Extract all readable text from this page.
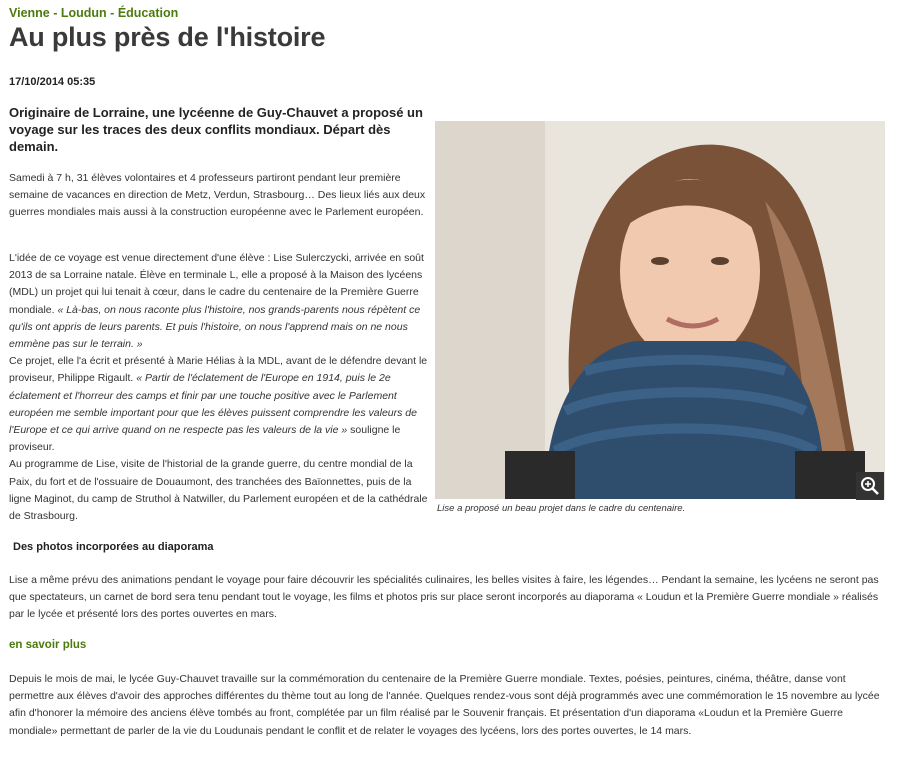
Vienne - Loudun - Éducation
Au plus près de l'histoire
17/10/2014 05:35
Originaire de Lorraine, une lycéenne de Guy-Chauvet a proposé un voyage sur les traces des deux conflits mondiaux. Départ dès demain.
Samedi à 7 h, 31 élèves volontaires et 4 professeurs partiront pendant leur première semaine de vacances en direction de Metz, Verdun, Strasbourg… Des lieux liés aux deux guerres mondiales mais aussi à la construction européenne avec le Parlement européen.
L'idée de ce voyage est venue directement d'une élève : Lise Sulerczycki, arrivée en soût 2013 de sa Lorraine natale. Élève en terminale L, elle a proposé à la Maison des lycéens (MDL) un projet qui lui tenait à cœur, dans le cadre du centenaire de la Première Guerre mondiale. « Là-bas, on nous raconte plus l'histoire, nos grands-parents nous répètent ce qu'ils ont appris de leurs parents. Et puis l'histoire, on nous l'apprend mais on ne nous emmène pas sur le terrain. »
Ce projet, elle l'a écrit et présenté à Marie Hélias à la MDL, avant de le défendre devant le proviseur, Philippe Rigault. « Partir de l'éclatement de l'Europe en 1914, puis le 2e éclatement et l'horreur des camps et finir par une touche positive avec le Parlement européen me semble important pour que les élèves puissent comprendre les valeurs de l'Europe et ce qui arrive quand on ne respecte pas les valeurs de la vie » souligne le proviseur.
Au programme de Lise, visite de l'historial de la grande guerre, du centre mondial de la Paix, du fort et de l'ossuaire de Douaumont, des tranchées des Baïonnettes, puis de la ligne Maginot, du camp de Struthol à Natwiller, du Parlement européen et de la cathédrale de Strasbourg.
Lise a proposé un beau projet dans le cadre du centenaire.
Des photos incorporées au diaporama
Lise a même prévu des animations pendant le voyage pour faire découvrir les spécialités culinaires, les belles visites à faire, les légendes… Pendant la semaine, les lycéens ne seront pas que spectateurs, un carnet de bord sera tenu pendant tout le voyage, les films et photos pris sur place seront incorporés au diaporama « Loudun et la Première Guerre mondiale » réalisés par le lycée et présenté lors des portes ouvertes en mars.
en savoir plus
Depuis le mois de mai, le lycée Guy-Chauvet travaille sur la commémoration du centenaire de la Première Guerre mondiale. Textes, poésies, peintures, cinéma, théâtre, danse vont permettre aux élèves d'avoir des approches différentes du thème tout au long de l'année. Quelques rendez-vous sont déjà programmés avec une commémoration le 15 novembre au lycée afin d'honorer la mémoire des anciens élève tombés au front, complétée par un film réalisé par le Souvenir français. Et présentation d'un diaporama «Loudun et la Première Guerre mondiale» permettant de parler de la vie du Loudunais pendant le conflit et de relater le voyages des lycéens, lors des portes ouvertes, le 14 mars.
